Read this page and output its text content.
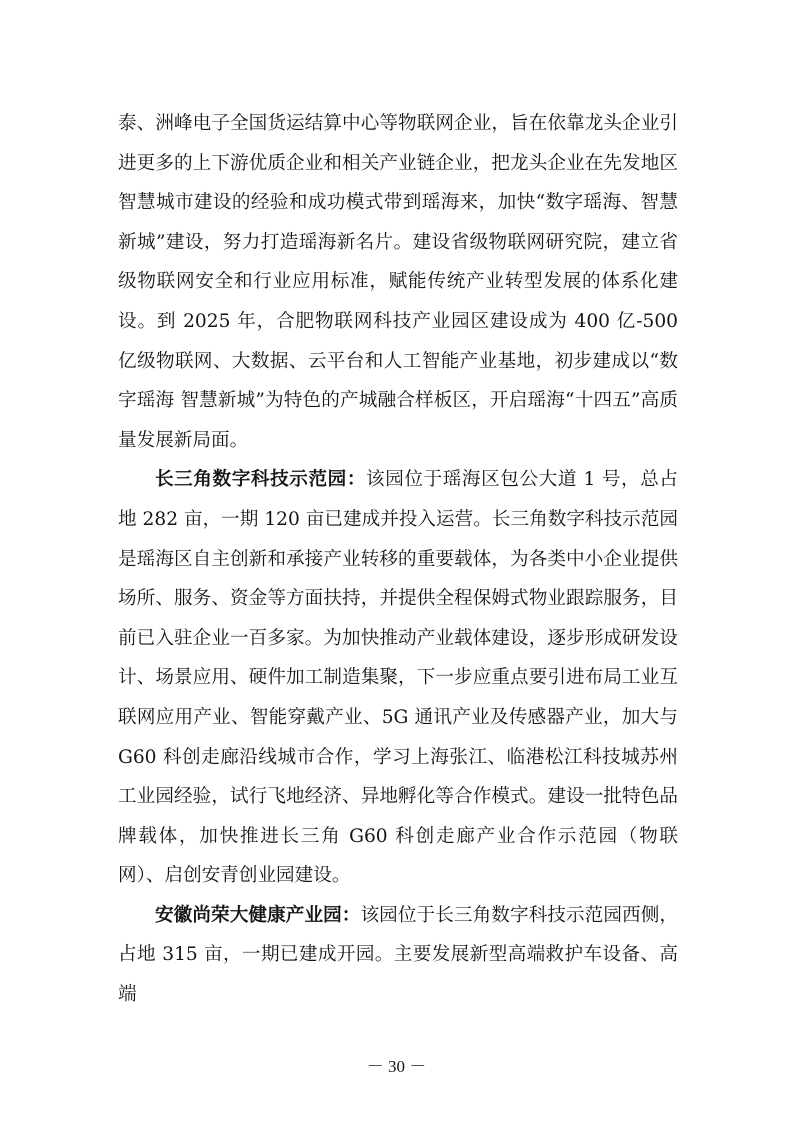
泰、洲峰电子全国货运结算中心等物联网企业，旨在依靠龙头企业引进更多的上下游优质企业和相关产业链企业，把龙头企业在先发地区智慧城市建设的经验和成功模式带到瑶海来，加快“数字瑶海、智慧新城”建设，努力打造瑶海新名片。建设省级物联网研究院，建立省级物联网安全和行业应用标准，赋能传统产业转型发展的体系化建设。到 2025 年，合肥物联网科技产业园区建设成为 400 亿-500 亿级物联网、大数据、云平台和人工智能产业基地，初步建成以“数字瑶海 智慧新城”为特色的产城融合样板区，开启瑶海“十四五”高质量发展新局面。

长三角数字科技示范园：该园位于瑶海区包公大道 1 号，总占地 282 亩，一期 120 亩已建成并投入运营。长三角数字科技示范园是瑶海区自主创新和承接产业转移的重要载体，为各类中小企业提供场所、服务、资金等方面扶持，并提供全程保姆式物业跟踪服务，目前已入驻企业一百多家。为加快推动产业载体建设，逐步形成研发设计、场景应用、硬件加工制造集聚，下一步应重点要引进布局工业互联网应用产业、智能穿戴产业、5G 通讯产业及传感器产业，加大与 G60 科创走廊沿线城市合作，学习上海张江、临港松江科技城苏州工业园经验，试行飞地经济、异地孵化等合作模式。建设一批特色品牌载体，加快推进长三角 G60 科创走廊产业合作示范园（物联网）、启创安青创业园建设。

安徽尚荣大健康产业园：该园位于长三角数字科技示范园西侧，占地 315 亩，一期已建成开园。主要发展新型高端救护车设备、高端

－ 30 －
